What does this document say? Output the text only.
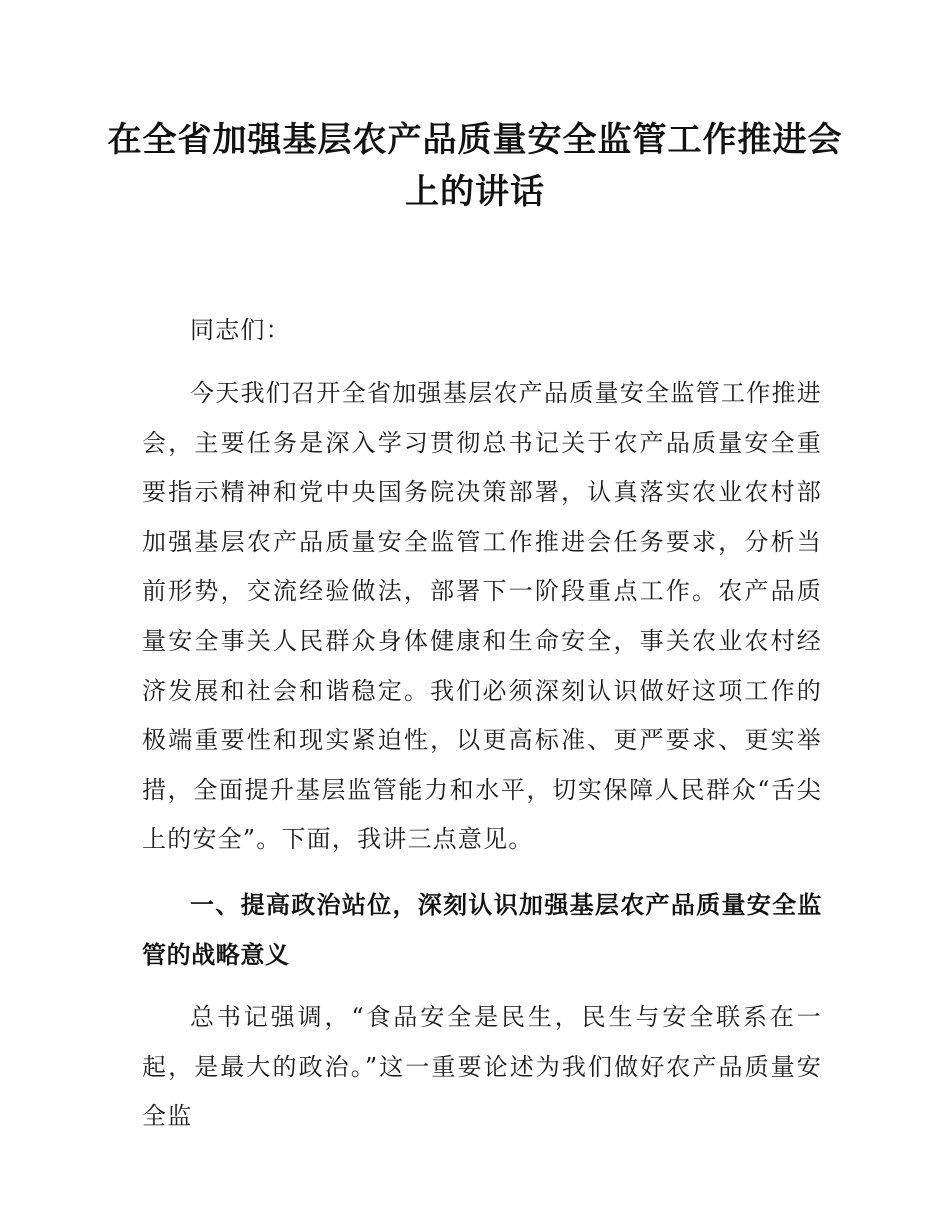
在全省加强基层农产品质量安全监管工作推进会上的讲话

同志们：

今天我们召开全省加强基层农产品质量安全监管工作推进会，主要任务是深入学习贯彻总书记关于农产品质量安全重要指示精神和党中央国务院决策部署，认真落实农业农村部加强基层农产品质量安全监管工作推进会任务要求，分析当前形势，交流经验做法，部署下一阶段重点工作。农产品质量安全事关人民群众身体健康和生命安全，事关农业农村经济发展和社会和谐稳定。我们必须深刻认识做好这项工作的极端重要性和现实紧迫性，以更高标准、更严要求、更实举措，全面提升基层监管能力和水平，切实保障人民群众“舌尖上的安全”。下面，我讲三点意见。

一、提高政治站位，深刻认识加强基层农产品质量安全监管的战略意义

总书记强调，“食品安全是民生，民生与安全联系在一起，是最大的政治。”这一重要论述为我们做好农产品质量安全监
